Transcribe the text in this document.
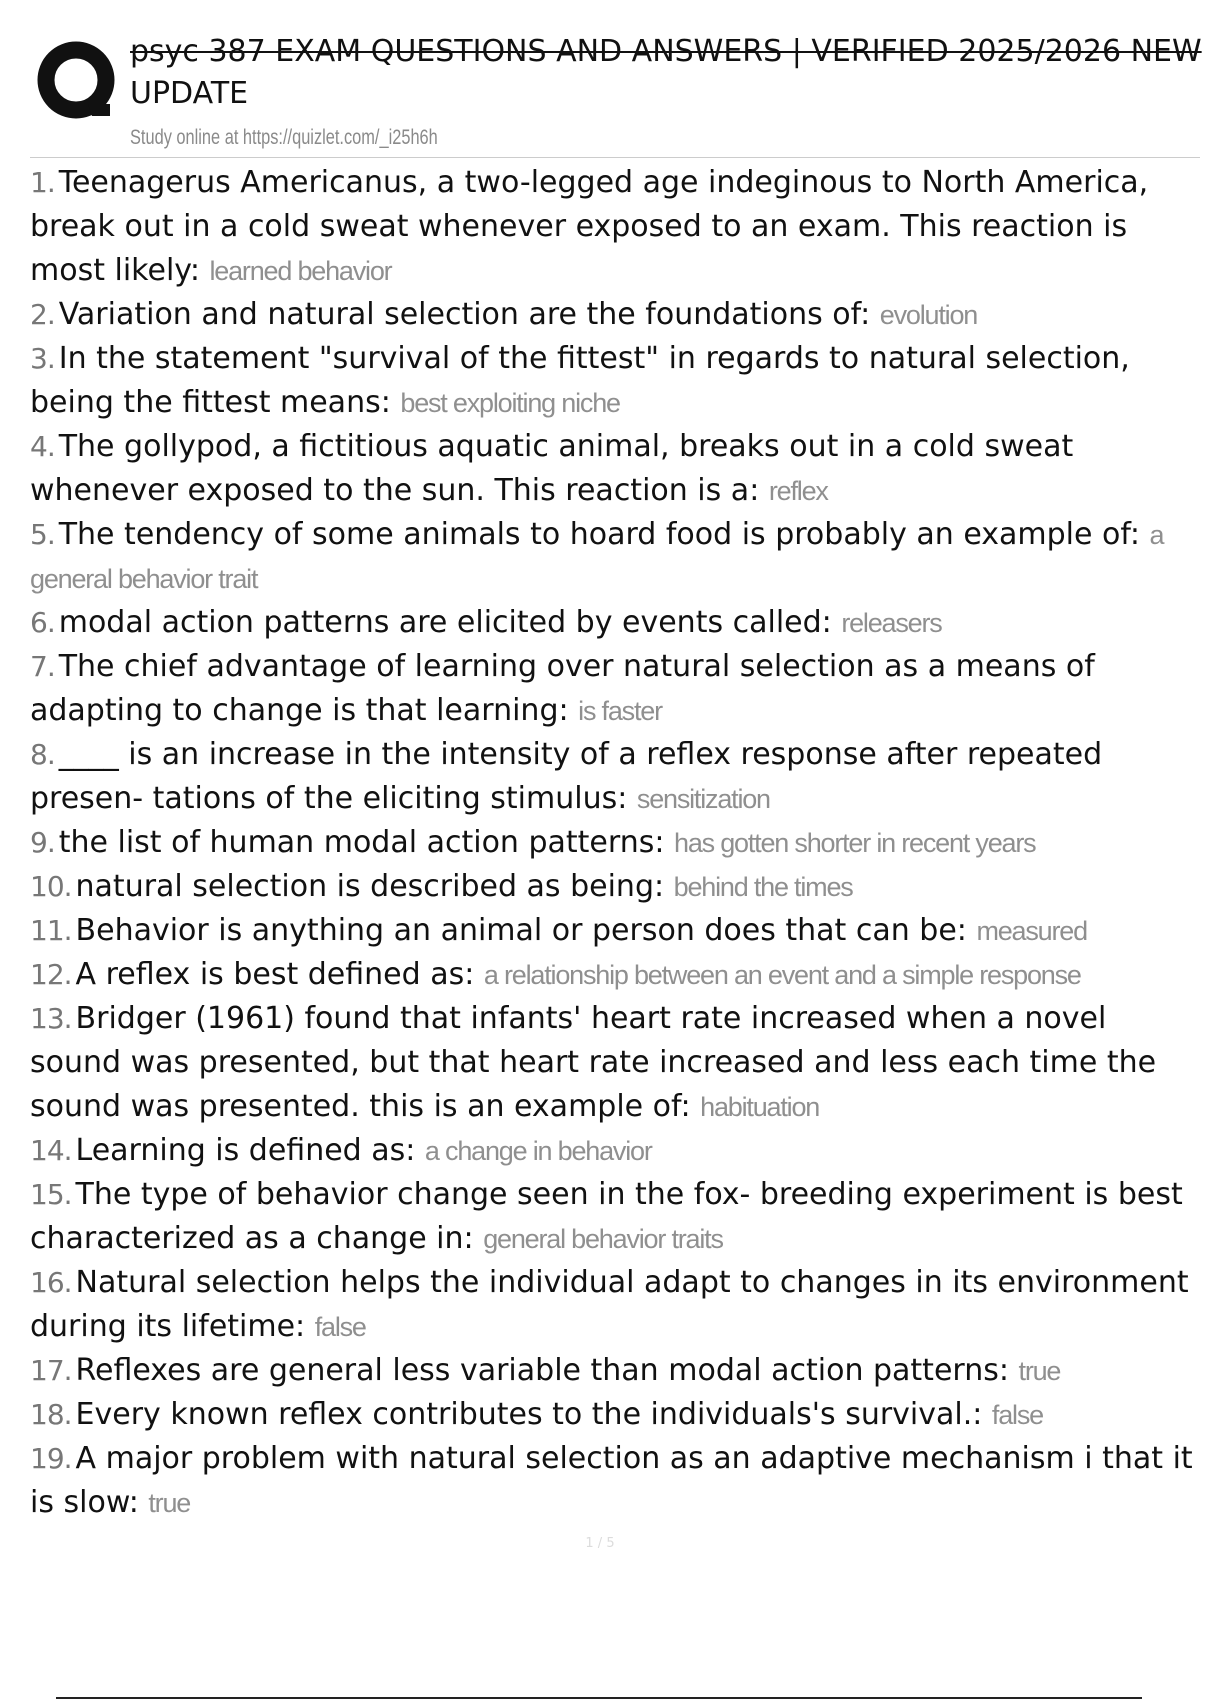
psyc 387 EXAM QUESTIONS AND ANSWERS | VERIFIED 2025/2026 NEW
UPDATE
Study online at https://quizlet.com/_i25h6h
1. Teenagerus Americanus, a two-legged age indeginous to North America, break out in a cold sweat whenever exposed to an exam. This reaction is most likely: learned behavior
2. Variation and natural selection are the foundations of: evolution
3. In the statement "survival of the fittest" in regards to natural selection, being the fittest means: best exploiting niche
4. The gollypod, a fictitious aquatic animal, breaks out in a cold sweat whenever exposed to the sun. This reaction is a: reflex
5. The tendency of some animals to hoard food is probably an example of: a general behavior trait
6. modal action patterns are elicited by events called: releasers
7. The chief advantage of learning over natural selection as a means of adapting to change is that learning: is faster
8. ____ is an increase in the intensity of a reflex response after repeated presen- tations of the eliciting stimulus: sensitization
9. the list of human modal action patterns: has gotten shorter in recent years
10. natural selection is described as being: behind the times
11. Behavior is anything an animal or person does that can be: measured
12. A reflex is best defined as: a relationship between an event and a simple response
13. Bridger (1961) found that infants' heart rate increased when a novel sound was presented, but that heart rate increased and less each time the sound was presented. this is an example of: habituation
14. Learning is defined as: a change in behavior
15. The type of behavior change seen in the fox- breeding experiment is best characterized as a change in: general behavior traits
16. Natural selection helps the individual adapt to changes in its environment during its lifetime: false
17. Reflexes are general less variable than modal action patterns: true
18. Every known reflex contributes to the individuals's survival.: false
19. A major problem with natural selection as an adaptive mechanism i that it is slow: true
1 / 5
